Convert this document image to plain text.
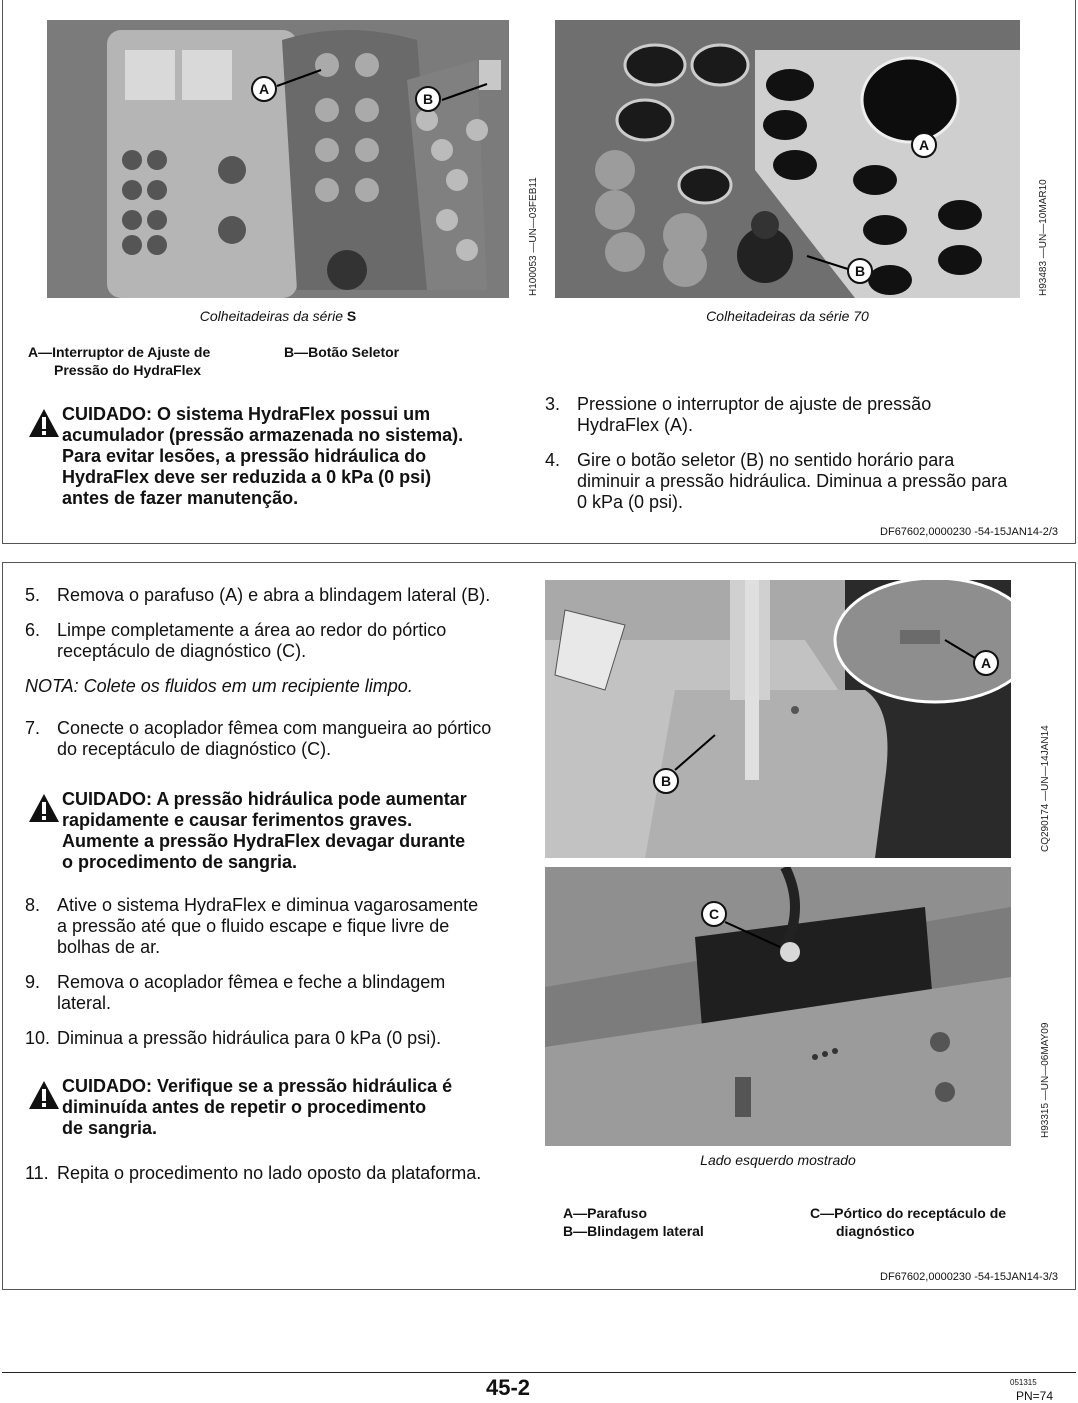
A
B
H100053 —UN—03FEB11
A
B	H93483 —UN—10MAR10
Colheitadeiras da série S	Colheitadeiras da série 70
A—Interruptor de Ajuste de
Pressão do HydraFlex
B—Botão Seletor
CUIDADO: O sistema HydraFlex possui um
acumulador (pressão armazenada no sistema).
Para evitar lesões, a pressão hidráulica do
HydraFlex deve ser reduzida a 0 kPa (0 psi)
antes de fazer manutenção.
3. Pressione o interruptor de ajuste de pressão
HydraFlex (A).
4. Gire o botão seletor (B) no sentido horário para
diminuir a pressão hidráulica. Diminua a pressão para
0 kPa (0 psi).
DF67602,0000230 -54-15JAN14-2/3
5. Remova o parafuso (A) e abra a blindagem lateral (B).
6. Limpe completamente a área ao redor do pórtico
receptáculo de diagnóstico (C).
NOTA: Colete os fluidos em um recipiente limpo.
7. Conecte o acoplador fêmea com mangueira ao pórtico
do receptáculo de diagnóstico (C).
CUIDADO: A pressão hidráulica pode aumentar
rapidamente e causar ferimentos graves.
Aumente a pressão HydraFlex devagar durante
o procedimento de sangria.
8. Ative o sistema HydraFlex e diminua vagarosamente
a pressão até que o fluido escape e fique livre de
bolhas de ar.
9. Remova o acoplador fêmea e feche a blindagem
lateral.
10. Diminua a pressão hidráulica para 0 kPa (0 psi).
CUIDADO: Verifique se a pressão hidráulica é
diminuída antes de repetir o procedimento
de sangria.
11. Repita o procedimento no lado oposto da plataforma.
A
B	CQ290174 —UN—14JAN14
C
H93315 —UN—06MAY09
Lado esquerdo mostrado
A—Parafuso
B—Blindagem lateral
C—Pórtico do receptáculo de
diagnóstico
DF67602,0000230 -54-15JAN14-3/3
45-2	051315
PN=74
